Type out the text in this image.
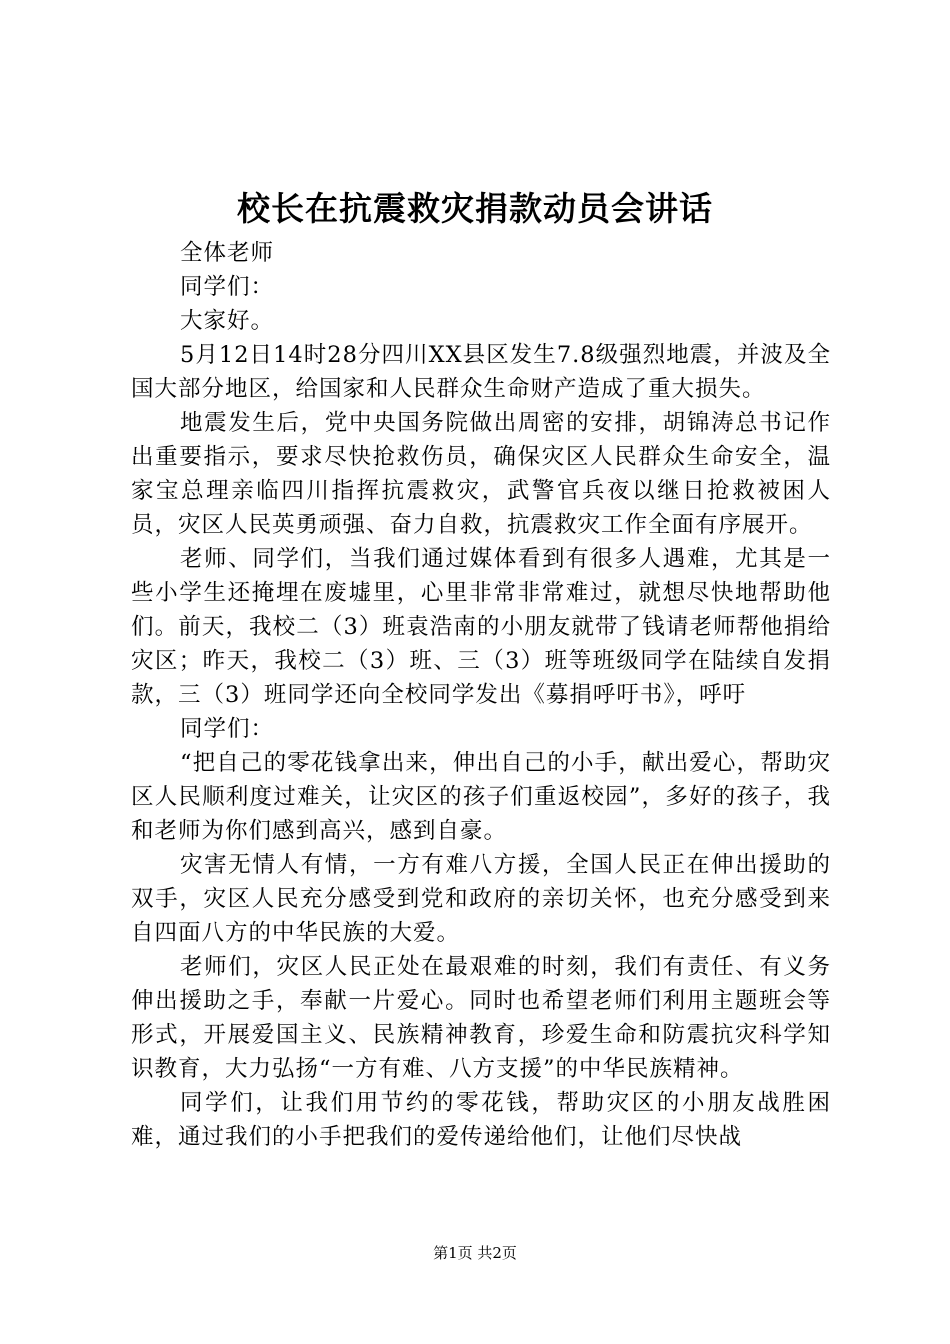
校长在抗震救灾捐款动员会讲话

全体老师

同学们：

大家好。

5月12日14时28分四川XX县区发生7.8级强烈地震，并波及全国大部分地区，给国家和人民群众生命财产造成了重大损失。

地震发生后，党中央国务院做出周密的安排，胡锦涛总书记作出重要指示，要求尽快抢救伤员，确保灾区人民群众生命安全，温家宝总理亲临四川指挥抗震救灾，武警官兵夜以继日抢救被困人员，灾区人民英勇顽强、奋力自救，抗震救灾工作全面有序展开。

老师、同学们，当我们通过媒体看到有很多人遇难，尤其是一些小学生还掩埋在废墟里，心里非常非常难过，就想尽快地帮助他们。前天，我校二（3）班袁浩南的小朋友就带了钱请老师帮他捐给灾区；昨天，我校二（3）班、三（3）班等班级同学在陆续自发捐款，三（3）班同学还向全校同学发出《募捐呼吁书》，呼吁

同学们：

“把自己的零花钱拿出来，伸出自己的小手，献出爱心，帮助灾区人民顺利度过难关，让灾区的孩子们重返校园”，多好的孩子，我和老师为你们感到高兴，感到自豪。

灾害无情人有情，一方有难八方援，全国人民正在伸出援助的双手，灾区人民充分感受到党和政府的亲切关怀，也充分感受到来自四面八方的中华民族的大爱。

老师们，灾区人民正处在最艰难的时刻，我们有责任、有义务伸出援助之手，奉献一片爱心。同时也希望老师们利用主题班会等形式，开展爱国主义、民族精神教育，珍爱生命和防震抗灾科学知识教育，大力弘扬“一方有难、八方支援”的中华民族精神。

同学们，让我们用节约的零花钱，帮助灾区的小朋友战胜困难，通过我们的小手把我们的爱传递给他们，让他们尽快战

第1页 共2页
